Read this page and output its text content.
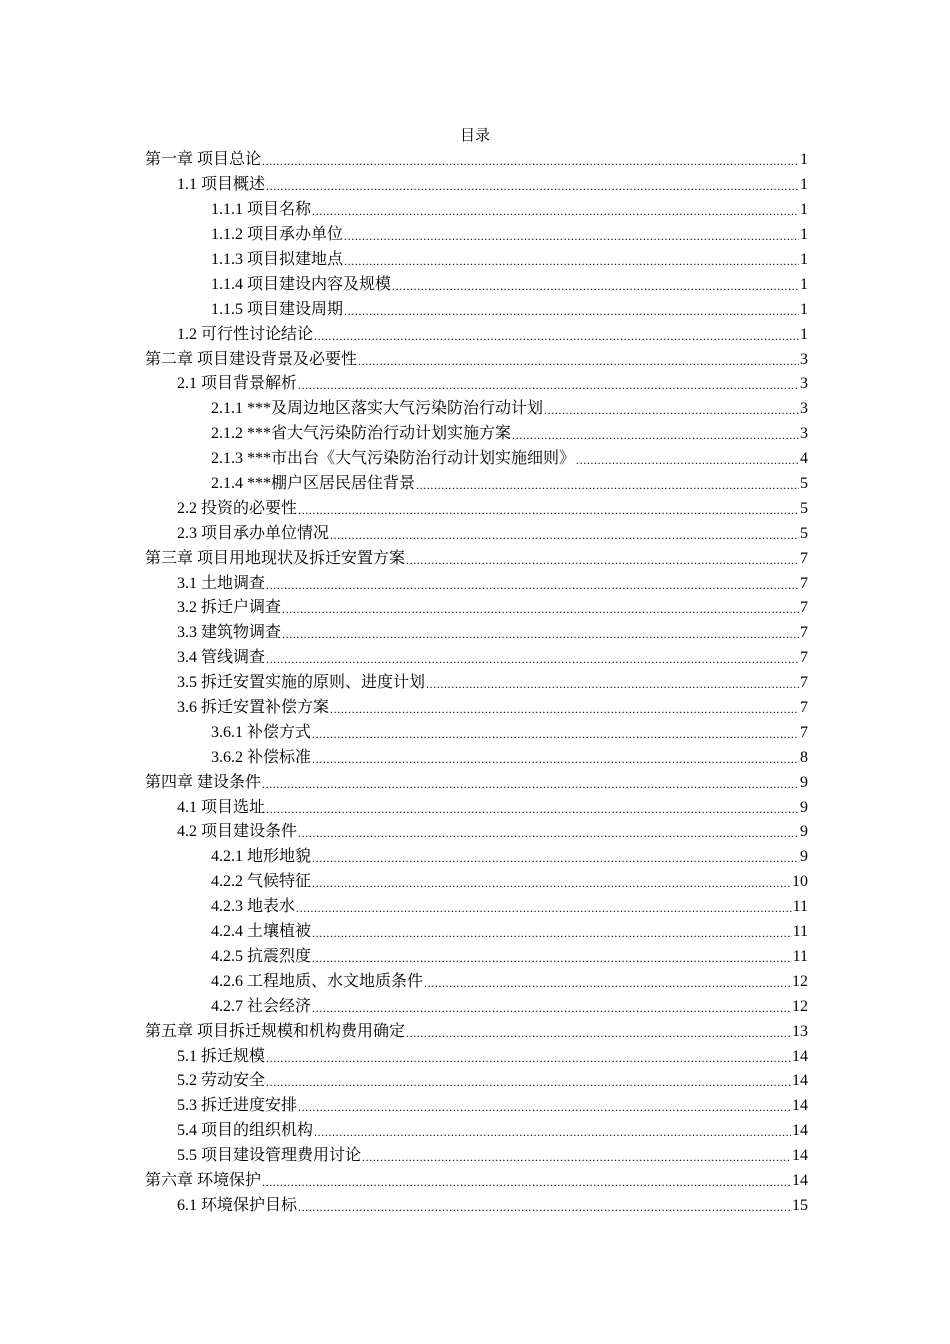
目录
第一章 项目总论 .....	1
1.1 项目概述 .....	1
1.1.1 项目名称 .....	1
1.1.2 项目承办单位 .....	1
1.1.3 项目拟建地点 .....	1
1.1.4 项目建设内容及规模 .....	1
1.1.5 项目建设周期 .....	1
1.2 可行性讨论结论 .....	1
第二章 项目建设背景及必要性 .....	3
2.1 项目背景解析 .....	3
2.1.1 ***及周边地区落实大气污染防治行动计划 .....	3
2.1.2 ***省大气污染防治行动计划实施方案 .....	3
2.1.3 ***市出台《大气污染防治行动计划实施细则》 .....	4
2.1.4 ***棚户区居民居住背景 .....	5
2.2 投资的必要性 .....	5
2.3 项目承办单位情况 .....	5
第三章 项目用地现状及拆迁安置方案 .....	7
3.1 土地调查 .....	7
3.2 拆迁户调查 .....	7
3.3 建筑物调查 .....	7
3.4 管线调查 .....	7
3.5 拆迁安置实施的原则、进度计划 .....	7
3.6 拆迁安置补偿方案 .....	7
3.6.1 补偿方式 .....	7
3.6.2 补偿标准 .....	8
第四章 建设条件 .....	9
4.1 项目选址 .....	9
4.2 项目建设条件 .....	9
4.2.1 地形地貌 .....	9
4.2.2 气候特征 .....	10
4.2.3 地表水 .....	11
4.2.4 土壤植被 .....	11
4.2.5 抗震烈度 .....	11
4.2.6 工程地质、水文地质条件 .....	12
4.2.7 社会经济 .....	12
第五章 项目拆迁规模和机构费用确定 .....	13
5.1 拆迁规模 .....	14
5.2 劳动安全 .....	14
5.3 拆迁进度安排 .....	14
5.4 项目的组织机构 .....	14
5.5 项目建设管理费用讨论 .....	14
第六章 环境保护 .....	14
6.1 环境保护目标 .....	15
